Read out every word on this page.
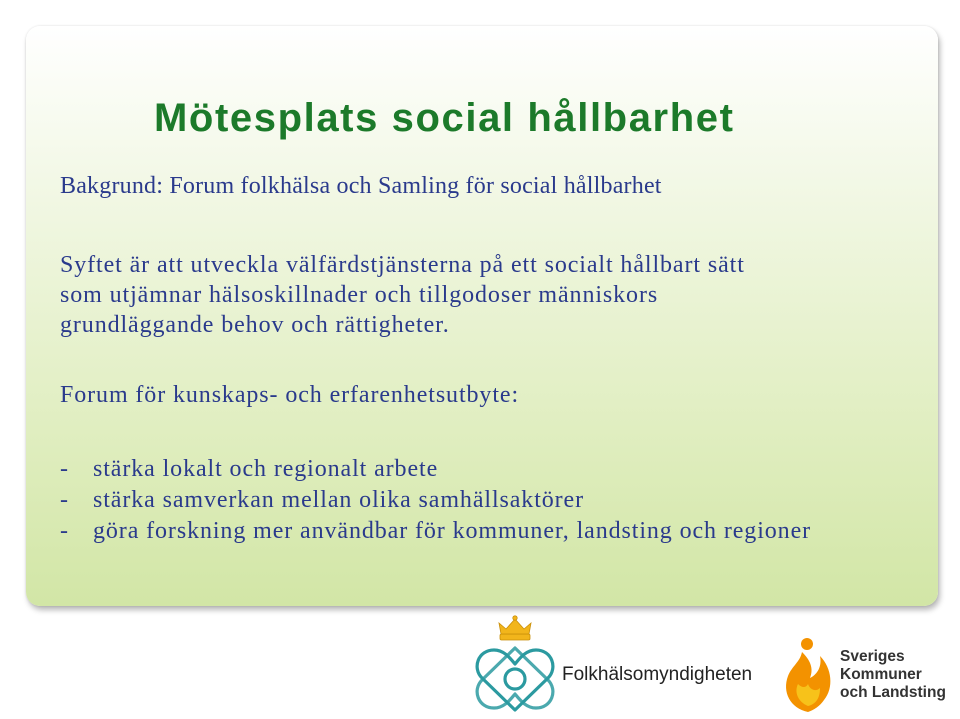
Mötesplats social hållbarhet

Bakgrund: Forum folkhälsa och Samling för social hållbarhet

Syftet är att utveckla välfärdstjänsterna på ett socialt hållbart sätt
som utjämnar hälsoskillnader och tillgodoser människors
grundläggande behov och rättigheter.

Forum för kunskaps- och erfarenhetsutbyte:

- stärka lokalt och regionalt arbete
- stärka samverkan mellan olika samhällsaktörer
- göra forskning mer användbar för kommuner, landsting och regioner
Folkhälsomyndigheten
Sveriges
Kommuner
och Landsting
